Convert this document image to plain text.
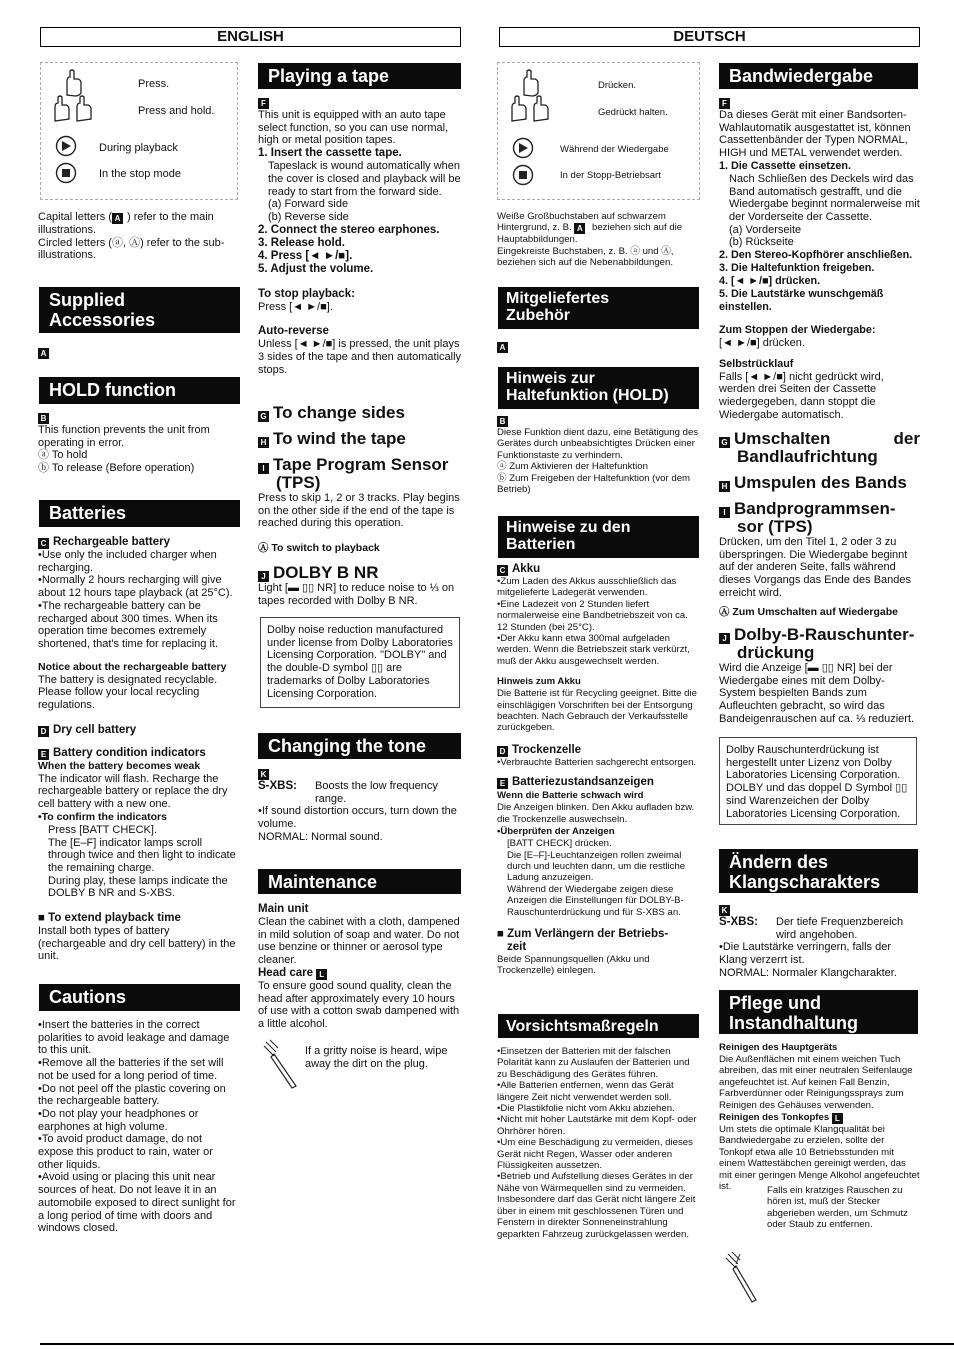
ENGLISH
Press.
Press and hold.
During playback
In the stop mode
Capital letters ( A ) refer to the main illustrations.
Circled letters (ⓐ, Ⓐ) refer to the sub-illustrations.
Supplied
Accessories
A
HOLD function
B
This function prevents the unit from operating in error.
ⓐ To hold
ⓑ To release (Before operation)
Batteries
C Rechargeable battery
•Use only the included charger when recharging.
•Normally 2 hours recharging will give about 12 hours tape playback (at 25°C).
•The rechargeable battery can be recharged about 300 times. When its operation time becomes extremely shortened, that's time for replacing it.
Notice about the rechargeable battery
The battery is designated recyclable. Please follow your local recycling regulations.
D Dry cell battery
E Battery condition indicators
When the battery becomes weak
The indicator will flash. Recharge the rechargeable battery or replace the dry cell battery with a new one.
•To confirm the indicators
Press [BATT CHECK].
The [E–F] indicator lamps scroll through twice and then light to indicate the remaining charge.
During play, these lamps indicate the DOLBY B NR and S-XBS.
■ To extend playback time
Install both types of battery (rechargeable and dry cell battery) in the unit.
Cautions
•Insert the batteries in the correct polarities to avoid leakage and damage to this unit.
•Remove all the batteries if the set will not be used for a long period of time.
•Do not peel off the plastic covering on the rechargeable battery.
•Do not play your headphones or earphones at high volume.
•To avoid product damage, do not expose this product to rain, water or other liquids.
•Avoid using or placing this unit near sources of heat. Do not leave it in an automobile exposed to direct sunlight for a long period of time with doors and windows closed.
Playing a tape
F
This unit is equipped with an auto tape select function, so you can use normal, high or metal position tapes.
1. Insert the cassette tape.
Tapeslack is wound automatically when the cover is closed and playback will be ready to start from the forward side.
(a) Forward side
(b) Reverse side
2. Connect the stereo earphones.
3. Release hold.
4. Press [◄ ►/■].
5. Adjust the volume.
To stop playback:
Press [◄ ►/■].
Auto-reverse
Unless [◄ ►/■] is pressed, the unit plays 3 sides of the tape and then automatically stops.
G To change sides
H To wind the tape
I Tape Program Sensor
(TPS)
Press to skip 1, 2 or 3 tracks. Play begins on the other side if the end of the tape is reached during this operation.
Ⓐ To switch to playback
J DOLBY B NR
Light [▬ ▯▯ NR] to reduce noise to ⅓ on tapes recorded with Dolby B NR.
Dolby noise reduction manufactured under license from Dolby Laboratories Licensing Corporation. "DOLBY" and the double-D symbol ▯▯ are trademarks of Dolby Laboratories Licensing Corporation.
Changing the tone
K
S-XBS:	Boosts the low frequency range.
•If sound distortion occurs, turn down the volume.
NORMAL: Normal sound.
Maintenance
Main unit
Clean the cabinet with a cloth, dampened in mild solution of soap and water. Do not use benzine or thinner or aerosol type cleaner.
Head care L
To ensure good sound quality, clean the head after approximately every 10 hours of use with a cotton swab dampened with a little alcohol.
If a gritty noise is heard, wipe away the dirt on the plug.
DEUTSCH
Drücken.
Gedrückt halten.
Während der Wiedergabe
In der Stopp-Betriebsart
Weiße Großbuchstaben auf schwarzem Hintergrund, z. B. A beziehen sich auf die Hauptabbildungen.
Eingekreiste Buchstaben, z. B. ⓐ und Ⓐ, beziehen sich auf die Nebenabbildungen.
Mitgeliefertes
Zubehör
A
Hinweis zur
Haltefunktion (HOLD)
B
Diese Funktion dient dazu, eine Betätigung des Gerätes durch unbeabsichtigtes Drücken einer Funktionstaste zu verhindern.
ⓐ Zum Aktivieren der Haltefunktion
ⓑ Zum Freigeben der Haltefunktion (vor dem Betrieb)
Hinweise zu den
Batterien
C Akku
•Zum Laden des Akkus ausschließlich das mitgelieferte Ladegerät verwenden.
•Eine Ladezeit von 2 Stunden liefert normalerweise eine Bandbetriebszeit von ca. 12 Stunden (bei 25°C).
•Der Akku kann etwa 300mal aufgeladen werden. Wenn die Betriebszeit stark verkürzt, muß der Akku ausgewechselt werden.
Hinweis zum Akku
Die Batterie ist für Recycling geeignet. Bitte die einschlägigen Vorschriften bei der Entsorgung beachten. Nach Gebrauch der Verkaufsstelle zurückgeben.
D Trockenzelle
•Verbrauchte Batterien sachgerecht entsorgen.
E Batteriezustandsanzeigen
Wenn die Batterie schwach wird
Die Anzeigen blinken. Den Akku aufladen bzw. die Trockenzelle auswechseln.
•Überprüfen der Anzeigen
[BATT CHECK] drücken.
Die [E–F]-Leuchtanzeigen rollen zweimal durch und leuchten dann, um die restliche Ladung anzuzeigen.
Während der Wiedergabe zeigen diese Anzeigen die Einstellungen für DOLBY-B-Rauschunterdrückung und für S-XBS an.
■ Zum Verlängern der Betriebs-
zeit
Beide Spannungsquellen (Akku und Trockenzelle) einlegen.
Vorsichtsmaßregeln
•Einsetzen der Batterien mit der falschen Polarität kann zu Auslaufen der Batterien und zu Beschädigung des Gerätes führen.
•Alle Batterien entfernen, wenn das Gerät längere Zeit nicht verwendet werden soll.
•Die Plastikfolie nicht vom Akku abziehen.
•Nicht mit hoher Lautstärke mit dem Kopf- oder Ohrhörer hören.
•Um eine Beschädigung zu vermeiden, dieses Gerät nicht Regen, Wasser oder anderen Flüssigkeiten aussetzen.
•Betrieb und Aufstellung dieses Gerätes in der Nähe von Wärmequellen sind zu vermeiden. Insbesondere darf das Gerät nicht längere Zeit über in einem mit geschlossenen Türen und Fenstern in direkter Sonneneinstrahlung geparkten Fahrzeug zurückgelassen werden.
Bandwiedergabe
F
Da dieses Gerät mit einer Bandsorten-Wahlautomatik ausgestattet ist, können Cassettenbänder der Typen NORMAL, HIGH und METAL verwendet werden.
1. Die Cassette einsetzen.
Nach Schließen des Deckels wird das Band automatisch gestrafft, und die Wiedergabe beginnt normalerweise mit der Vorderseite der Cassette.
(a) Vorderseite
(b) Rückseite
2. Den Stereo-Kopfhörer anschließen.
3. Die Haltefunktion freigeben.
4. [◄ ►/■] drücken.
5. Die Lautstärke wunschgemäß einstellen.
Zum Stoppen der Wiedergabe:
[◄ ►/■] drücken.
Selbstrücklauf
Falls [◄ ►/■] nicht gedrückt wird, werden drei Seiten der Cassette wiedergegeben, dann stoppt die Wiedergabe automatisch.
G Umschalten	der
Bandlaufrichtung
H Umspulen des Bands
I Bandprogrammsen-
sor (TPS)
Drücken, um den Titel 1, 2 oder 3 zu überspringen. Die Wiedergabe beginnt auf der anderen Seite, falls während dieses Vorgangs das Ende des Bandes erreicht wird.
Ⓐ Zum Umschalten auf Wiedergabe
J Dolby-B-Rauschunter-
drückung
Wird die Anzeige [▬ ▯▯ NR] bei der Wiedergabe eines mit dem Dolby-System bespielten Bands zum Aufleuchten gebracht, so wird das Bandeigenrauschen auf ca. ⅓ reduziert.
Dolby Rauschunterdrückung ist hergestellt unter Lizenz von Dolby Laboratories Licensing Corporation. DOLBY und das doppel D Symbol ▯▯ sind Warenzeichen der Dolby Laboratories Licensing Corporation.
Ändern des
Klangscharakters
K
S-XBS:	Der tiefe Frequenzbereich wird angehoben.
•Die Lautstärke verringern, falls der Klang verzerrt ist.
NORMAL: Normaler Klangcharakter.
Pflege und
Instandhaltung
Reinigen des Hauptgeräts
Die Außenflächen mit einem weichen Tuch abreiben, das mit einer neutralen Seifenlauge angefeuchtet ist. Auf keinen Fall Benzin, Farbverdünner oder Reinigungssprays zum Reinigen des Gehäuses verwenden.
Reinigen des Tonkopfes L
Um stets die optimale Klangqualität bei Bandwiedergabe zu erzielen, sollte der Tonkopf etwa alle 10 Betriebsstunden mit einem Wattestäbchen gereinigt werden, das mit einer geringen Menge Alkohol angefeuchtet ist.	Falls ein kratziges Rauschen zu hören ist, muß der Stecker abgerieben werden, um Schmutz oder Staub zu entfernen.
